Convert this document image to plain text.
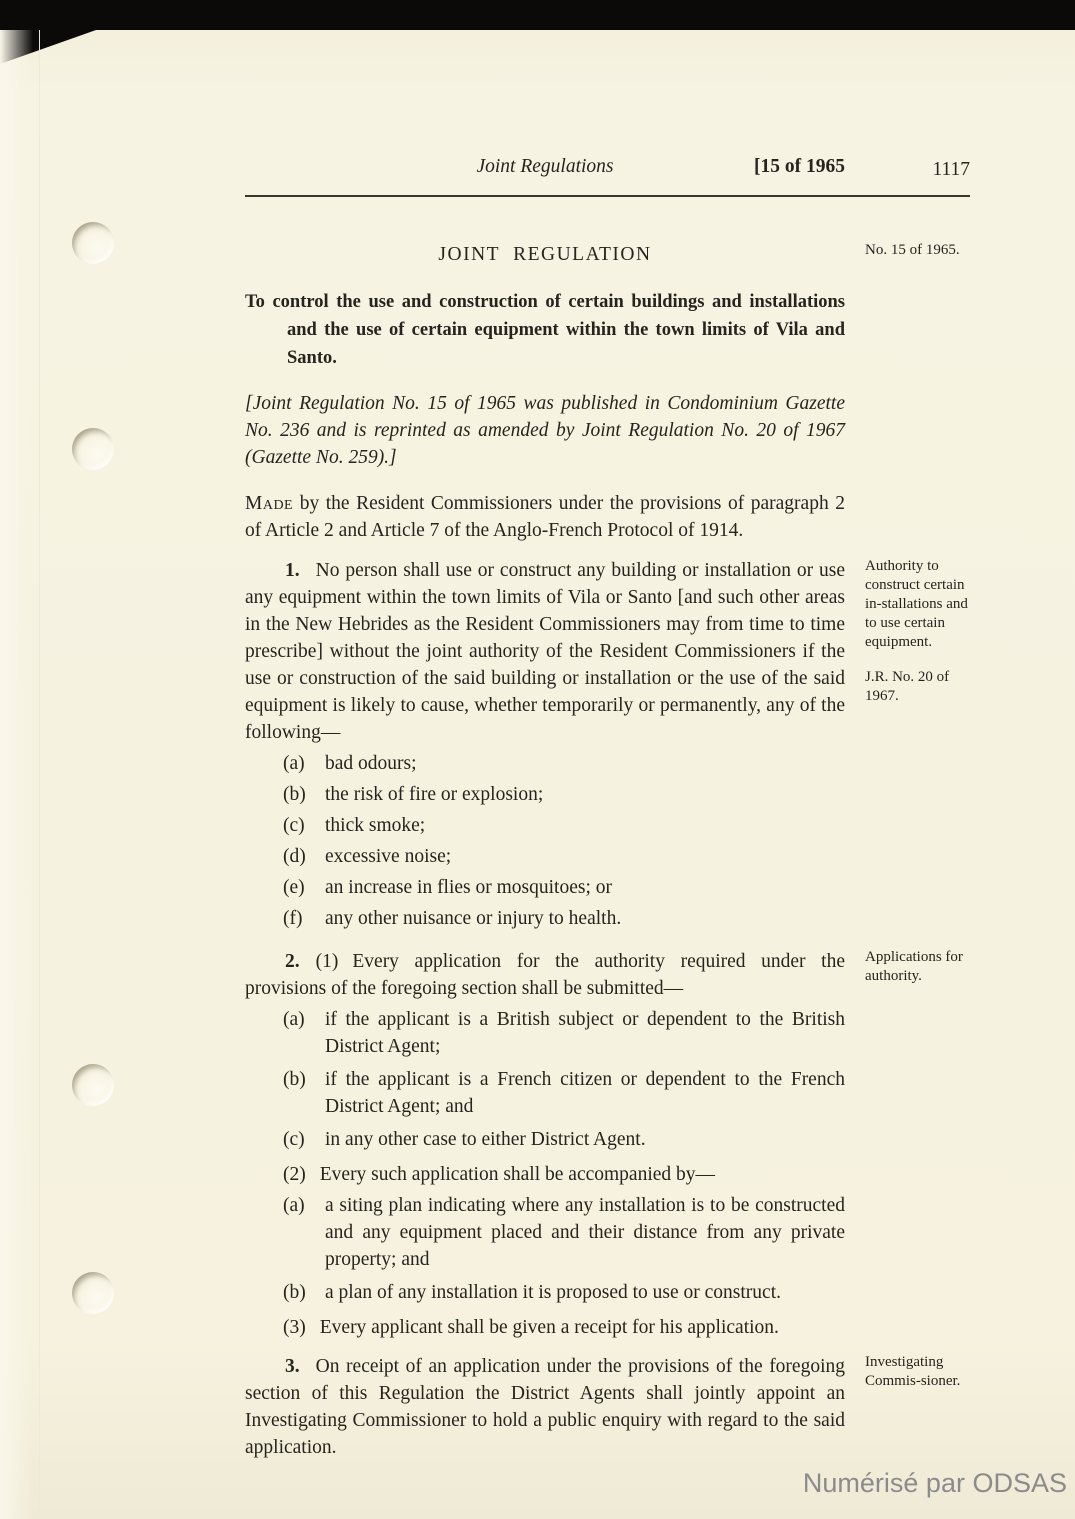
Joint Regulations	[15 of 1965	1117
JOINT REGULATION	No. 15 of 1965.
To control the use and construction of certain buildings and installations and the use of certain equipment within the town limits of Vila and Santo.
[Joint Regulation No. 15 of 1965 was published in Condominium Gazette No. 236 and is reprinted as amended by Joint Regulation No. 20 of 1967 (Gazette No. 259).]

Made by the Resident Commissioners under the provisions of paragraph 2 of Article 2 and Article 7 of the Anglo-French Protocol of 1914.

1. No person shall use or construct any building or installation or use any equipment within the town limits of Vila or Santo [and such other areas in the New Hebrides as the Resident Commissioners may from time to time prescribe] without the joint authority of the Resident Commissioners if the use or construction of the said building or installation or the use of the said equipment is likely to cause, whether temporarily or permanently, any of the following—

Authority to construct certain in-stallations and to use certain equipment.
J.R. No. 20 of 1967.
(a) bad odours;
(b) the risk of fire or explosion;
(c) thick smoke;
(d) excessive noise;
(e) an increase in flies or mosquitoes; or
(f) any other nuisance or injury to health.

2. (1) Every application for the authority required under the provisions of the foregoing section shall be submitted—

Applications for authority.
(a) if the applicant is a British subject or dependent to the British District Agent;
(b) if the applicant is a French citizen or dependent to the French District Agent; and
(c) in any other case to either District Agent.

(2) Every such application shall be accompanied by—

(a) a siting plan indicating where any installation is to be constructed and any equipment placed and their distance from any private property; and
(b) a plan of any installation it is proposed to use or construct.

(3) Every applicant shall be given a receipt for his application.

3. On receipt of an application under the provisions of the foregoing section of this Regulation the District Agents shall jointly appoint an Investigating Commissioner to hold a public enquiry with regard to the said application.

Investigating Commis-sioner.
Numérisé par ODSAS
